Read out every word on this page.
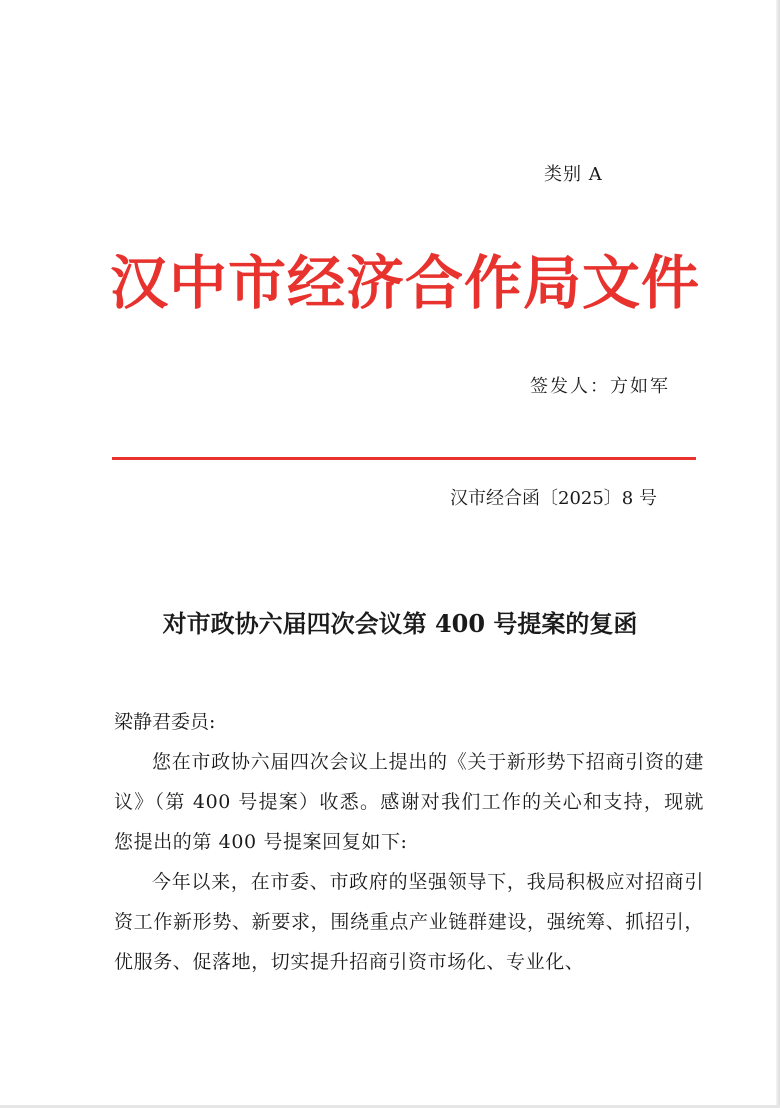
类别 A
汉中市经济合作局文件
签发人：方如军
汉市经合函〔2025〕8 号
对市政协六届四次会议第 400 号提案的复函

梁静君委员:

您在市政协六届四次会议上提出的《关于新形势下招商引资的建议》（第 400 号提案）收悉。感谢对我们工作的关心和支持，现就您提出的第 400 号提案回复如下:

今年以来，在市委、市政府的坚强领导下，我局积极应对招商引资工作新形势、新要求，围绕重点产业链群建设，强统筹、抓招引，优服务、促落地，切实提升招商引资市场化、专业化、
